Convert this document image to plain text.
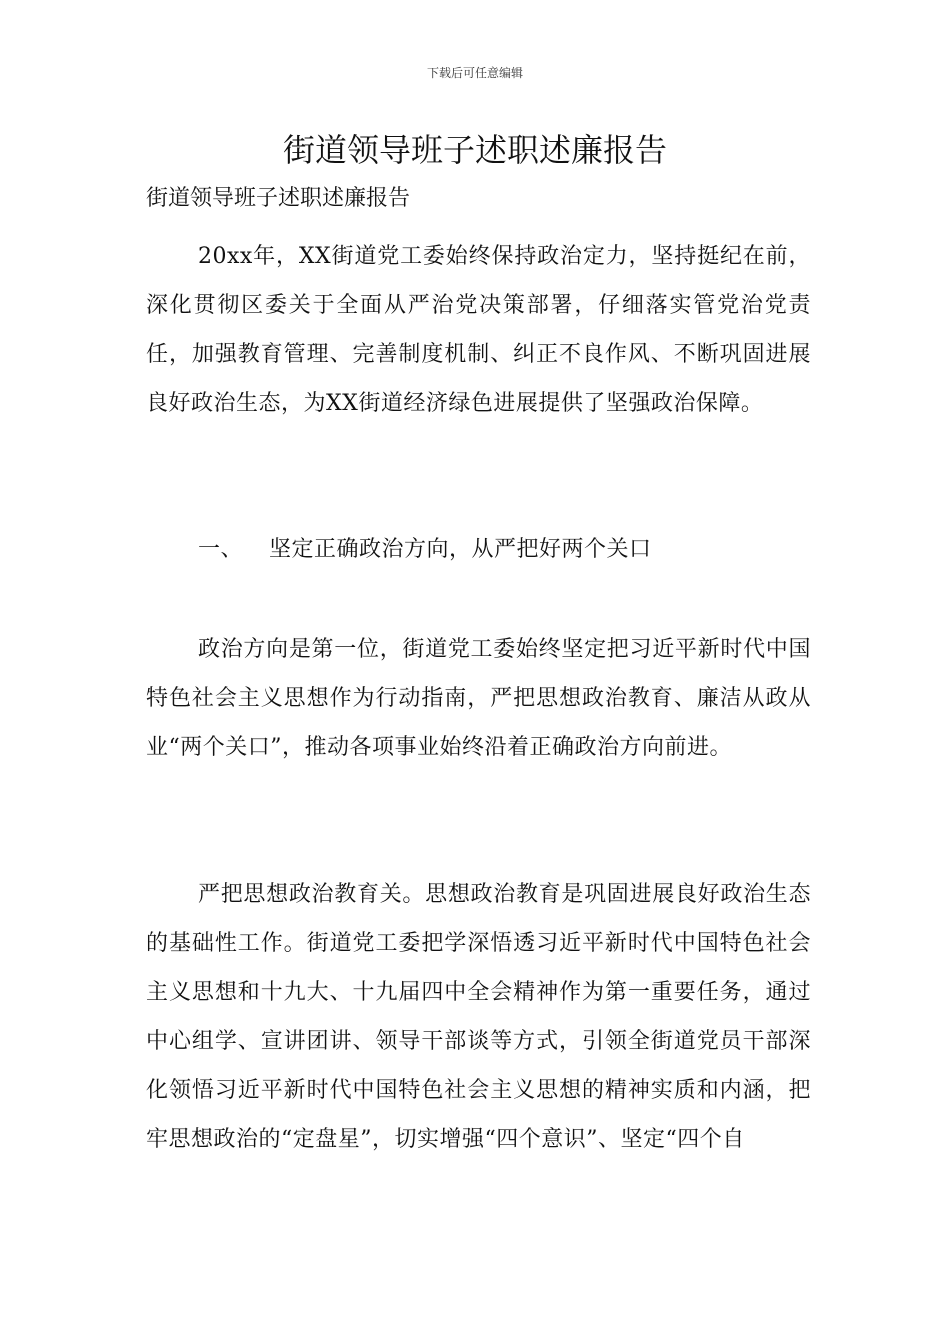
下载后可任意编辑
街道领导班子述职述廉报告

街道领导班子述职述廉报告

20xx年，XX街道党工委始终保持政治定力，坚持挺纪在前，深化贯彻区委关于全面从严治党决策部署，仔细落实管党治党责任，加强教育管理、完善制度机制、纠正不良作风、不断巩固进展良好政治生态，为XX街道经济绿色进展提供了坚强政治保障。

一、 坚定正确政治方向，从严把好两个关口

政治方向是第一位，街道党工委始终坚定把习近平新时代中国特色社会主义思想作为行动指南，严把思想政治教育、廉洁从政从业“两个关口”，推动各项事业始终沿着正确政治方向前进。

严把思想政治教育关。思想政治教育是巩固进展良好政治生态的基础性工作。街道党工委把学深悟透习近平新时代中国特色社会主义思想和十九大、十九届四中全会精神作为第一重要任务，通过中心组学、宣讲团讲、领导干部谈等方式，引领全街道党员干部深化领悟习近平新时代中国特色社会主义思想的精神实质和内涵，把牢思想政治的“定盘星”，切实增强“四个意识”、坚定“四个自
